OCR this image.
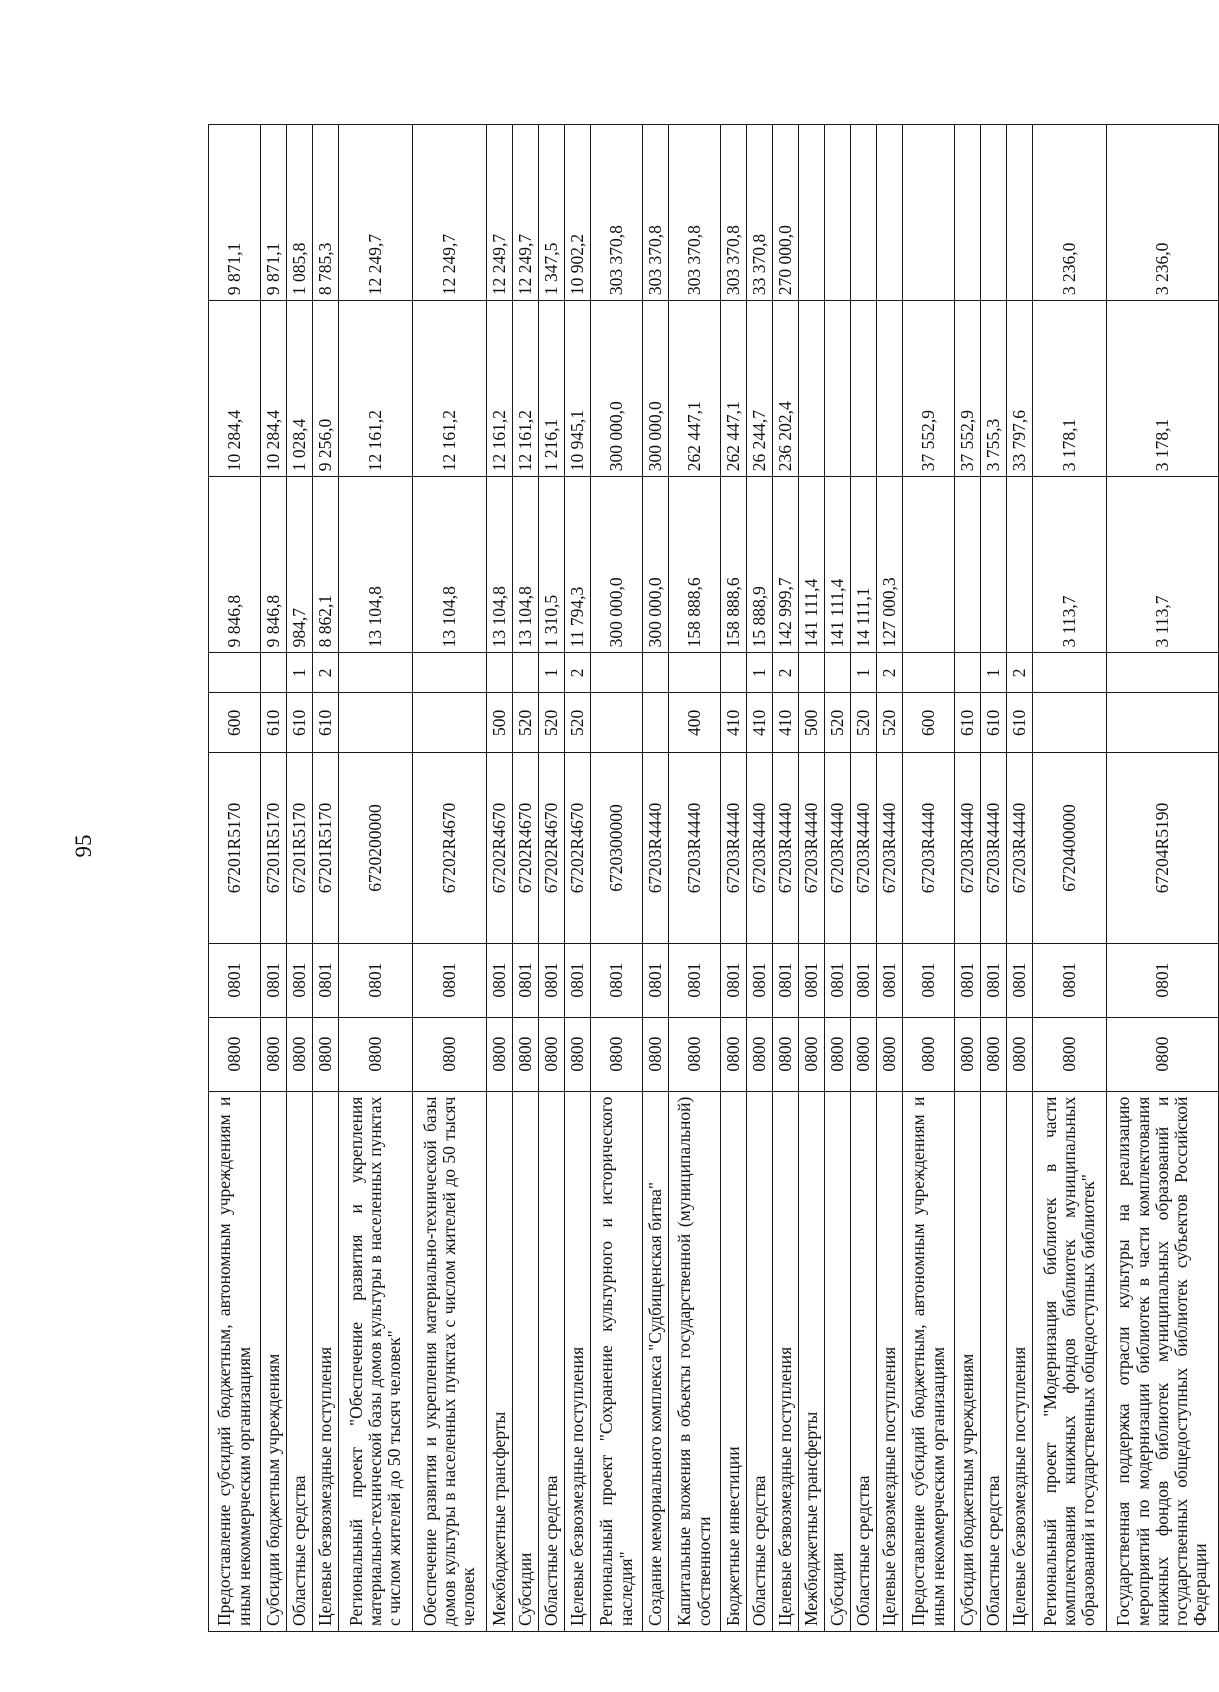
95
Предоставление субсидий бюджетным, автономным учреждениям и иным некоммерческим организациям	0800	0801	67201R5170	600		9 846,8	10 284,4	9 871,1
Субсидии бюджетным учреждениям	0800	0801	67201R5170	610		9 846,8	10 284,4	9 871,1
Областные средства	0800	0801	67201R5170	610	1	984,7	1 028,4	1 085,8
Целевые безвозмездные поступления	0800	0801	67201R5170	610	2	8 862,1	9 256,0	8 785,3
Региональный проект "Обеспечение развития и укрепления материально-технической базы домов культуры в населенных пунктах с числом жителей до 50 тысяч человек"	0800	0801	6720200000			13 104,8	12 161,2	12 249,7
Обеспечение развития и укрепления материально-технической базы домов культуры в населенных пунктах с числом жителей до 50 тысяч человек	0800	0801	67202R4670			13 104,8	12 161,2	12 249,7
Межбюджетные трансферты	0800	0801	67202R4670	500		13 104,8	12 161,2	12 249,7
Субсидии	0800	0801	67202R4670	520		13 104,8	12 161,2	12 249,7
Областные средства	0800	0801	67202R4670	520	1	1 310,5	1 216,1	1 347,5
Целевые безвозмездные поступления	0800	0801	67202R4670	520	2	11 794,3	10 945,1	10 902,2
Региональный проект "Сохранение культурного и исторического наследия"	0800	0801	6720300000			300 000,0	300 000,0	303 370,8
Создание мемориального комплекса "Судбищенская битва"	0800	0801	67203R4440			300 000,0	300 000,0	303 370,8
Капитальные вложения в объекты государственной (муниципальной) собственности	0800	0801	67203R4440	400		158 888,6	262 447,1	303 370,8
Бюджетные инвестиции	0800	0801	67203R4440	410		158 888,6	262 447,1	303 370,8
Областные средства	0800	0801	67203R4440	410	1	15 888,9	26 244,7	33 370,8
Целевые безвозмездные поступления	0800	0801	67203R4440	410	2	142 999,7	236 202,4	270 000,0
Межбюджетные трансферты	0800	0801	67203R4440	500		141 111,4		
Субсидии	0800	0801	67203R4440	520		141 111,4		
Областные средства	0800	0801	67203R4440	520	1	14 111,1		
Целевые безвозмездные поступления	0800	0801	67203R4440	520	2	127 000,3		
Предоставление субсидий бюджетным, автономным учреждениям и иным некоммерческим организациям	0800	0801	67203R4440	600			37 552,9	
Субсидии бюджетным учреждениям	0800	0801	67203R4440	610			37 552,9	
Областные средства	0800	0801	67203R4440	610	1		3 755,3	
Целевые безвозмездные поступления	0800	0801	67203R4440	610	2		33 797,6	
Региональный проект "Модернизация библиотек в части комплектования книжных фондов библиотек муниципальных образований и государственных общедоступных библиотек"	0800	0801	6720400000			3 113,7	3 178,1	3 236,0
Государственная поддержка отрасли культуры на реализацию мероприятий по модернизации библиотек в части комплектования книжных фондов библиотек муниципальных образований и государственных общедоступных библиотек субъектов Российской Федерации	0800	0801	67204R5190			3 113,7	3 178,1	3 236,0
